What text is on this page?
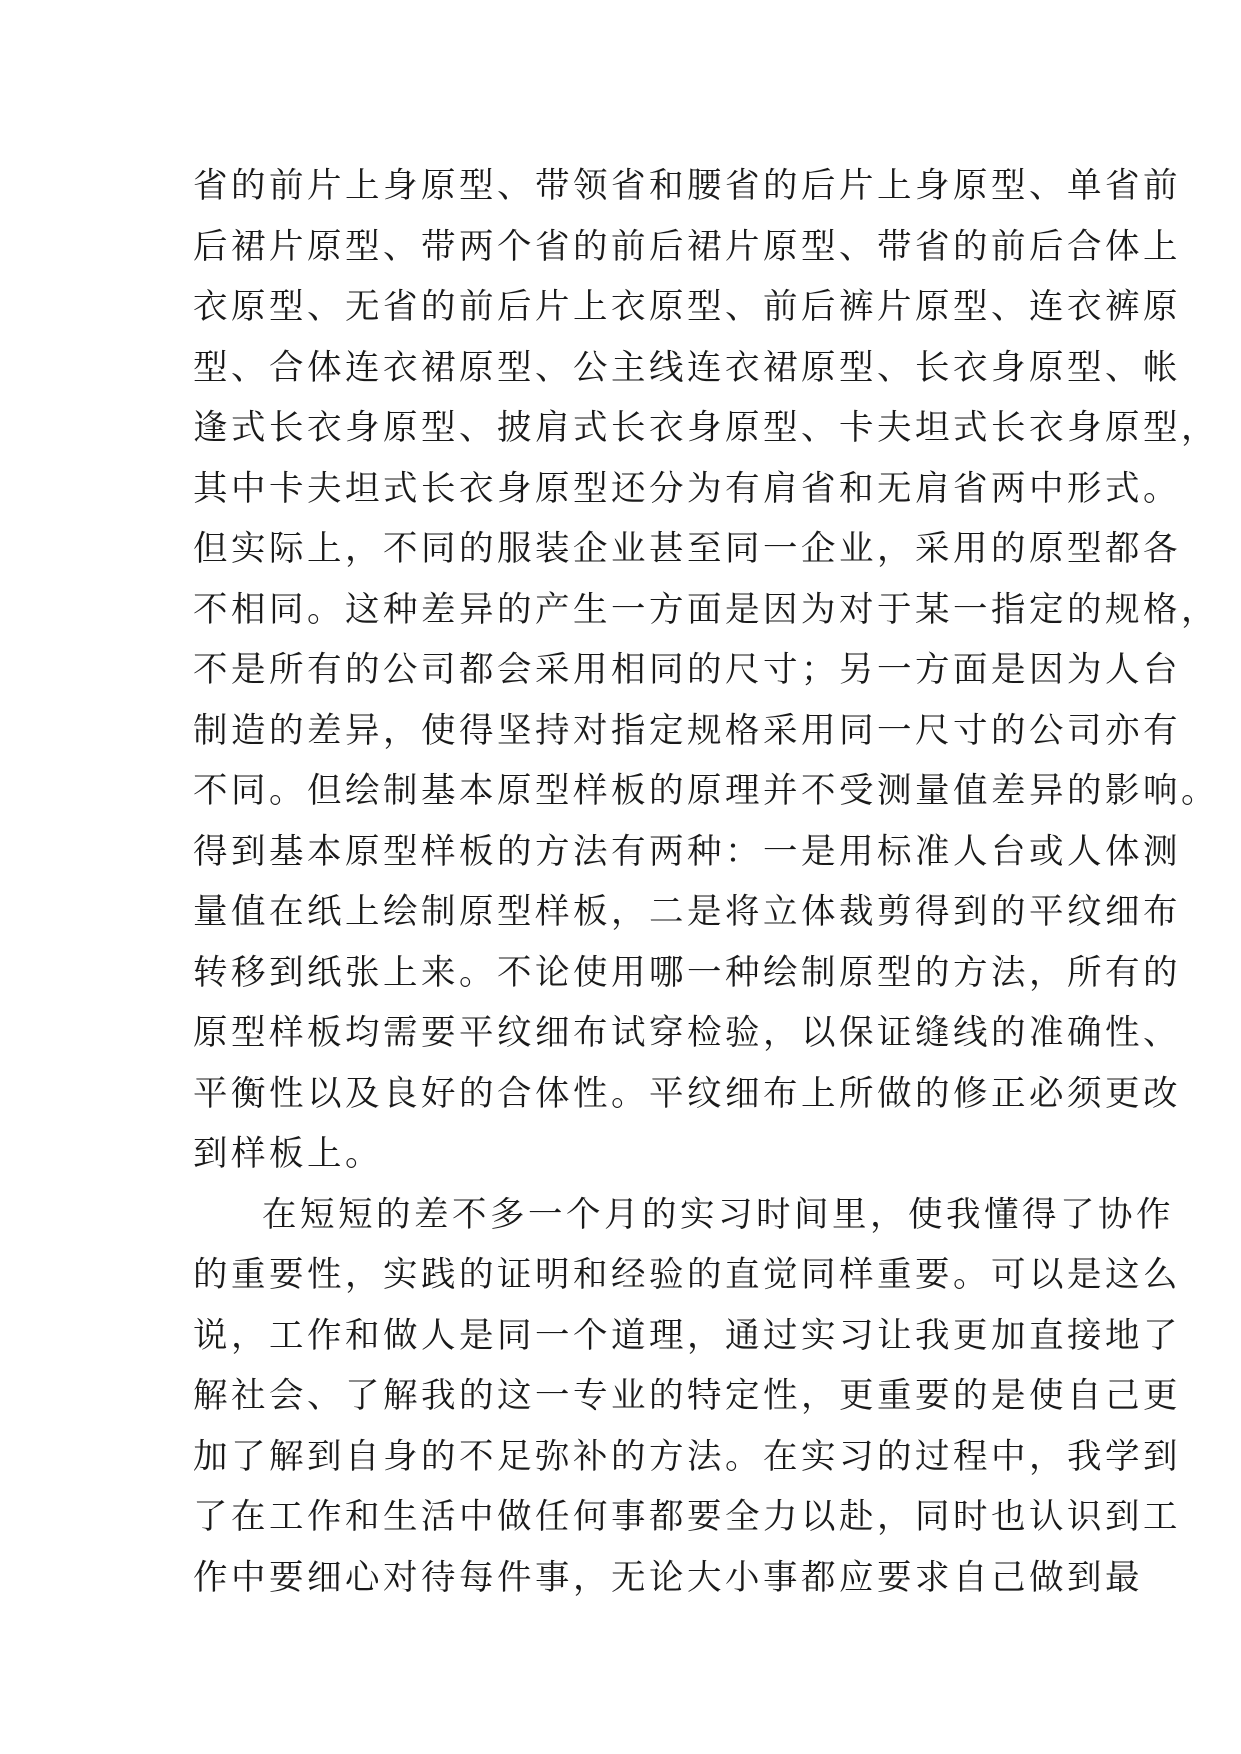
省的前片上身原型、带领省和腰省的后片上身原型、单省前
后裙片原型、带两个省的前后裙片原型、带省的前后合体上
衣原型、无省的前后片上衣原型、前后裤片原型、连衣裤原
型、合体连衣裙原型、公主线连衣裙原型、长衣身原型、帐
逢式长衣身原型、披肩式长衣身原型、卡夫坦式长衣身原型，
其中卡夫坦式长衣身原型还分为有肩省和无肩省两中形式。
但实际上，不同的服装企业甚至同一企业，采用的原型都各
不相同。这种差异的产生一方面是因为对于某一指定的规格，
不是所有的公司都会采用相同的尺寸；另一方面是因为人台
制造的差异，使得坚持对指定规格采用同一尺寸的公司亦有
不同。但绘制基本原型样板的原理并不受测量值差异的影响。
得到基本原型样板的方法有两种：一是用标准人台或人体测
量值在纸上绘制原型样板，二是将立体裁剪得到的平纹细布
转移到纸张上来。不论使用哪一种绘制原型的方法，所有的
原型样板均需要平纹细布试穿检验，以保证缝线的准确性、
平衡性以及良好的合体性。平纹细布上所做的修正必须更改
到样板上。
在短短的差不多一个月的实习时间里，使我懂得了协作
的重要性，实践的证明和经验的直觉同样重要。可以是这么
说，工作和做人是同一个道理，通过实习让我更加直接地了
解社会、了解我的这一专业的特定性，更重要的是使自己更
加了解到自身的不足弥补的方法。在实习的过程中，我学到
了在工作和生活中做任何事都要全力以赴，同时也认识到工
作中要细心对待每件事，无论大小事都应要求自己做到最
